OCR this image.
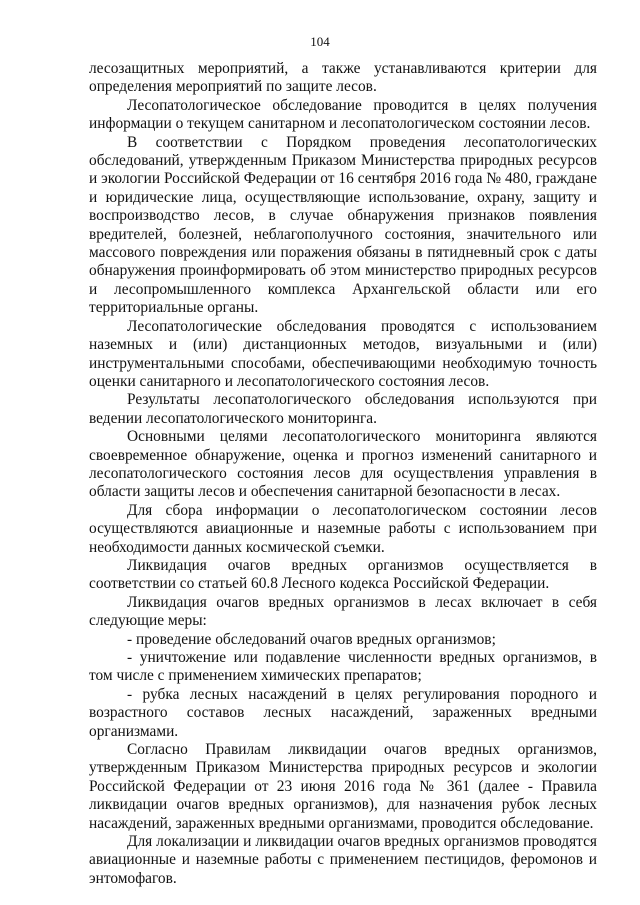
104

лесозащитных мероприятий, а также устанавливаются критерии для определения мероприятий по защите лесов.

Лесопатологическое обследование проводится в целях получения информации о текущем санитарном и лесопатологическом состоянии лесов.

В соответствии с Порядком проведения лесопатологических обследований, утвержденным Приказом Министерства природных ресурсов и экологии Российской Федерации от 16 сентября 2016 года № 480, граждане и юридические лица, осуществляющие использование, охрану, защиту и воспроизводство лесов, в случае обнаружения признаков появления вредителей, болезней, неблагополучного состояния, значительного или массового повреждения или поражения обязаны в пятидневный срок с даты обнаружения проинформировать об этом министерство природных ресурсов и лесопромышленного комплекса Архангельской области или его территориальные органы.

Лесопатологические обследования проводятся с использованием наземных и (или) дистанционных методов, визуальными и (или) инструментальными способами, обеспечивающими необходимую точность оценки санитарного и лесопатологического состояния лесов.

Результаты лесопатологического обследования используются при ведении лесопатологического мониторинга.

Основными целями лесопатологического мониторинга являются своевременное обнаружение, оценка и прогноз изменений санитарного и лесопатологического состояния лесов для осуществления управления в области защиты лесов и обеспечения санитарной безопасности в лесах.

Для сбора информации о лесопатологическом состоянии лесов осуществляются авиационные и наземные работы с использованием при необходимости данных космической съемки.

Ликвидация очагов вредных организмов осуществляется в соответствии со статьей 60.8 Лесного кодекса Российской Федерации.

Ликвидация очагов вредных организмов в лесах включает в себя следующие меры:

- проведение обследований очагов вредных организмов;

- уничтожение или подавление численности вредных организмов, в том числе с применением химических препаратов;

- рубка лесных насаждений в целях регулирования породного и возрастного составов лесных насаждений, зараженных вредными организмами.

Согласно Правилам ликвидации очагов вредных организмов, утвержденным Приказом Министерства природных ресурсов и экологии Российской Федерации от 23 июня 2016 года № 361 (далее - Правила ликвидации очагов вредных организмов), для назначения рубок лесных насаждений, зараженных вредными организмами, проводится обследование.

Для локализации и ликвидации очагов вредных организмов проводятся авиационные и наземные работы с применением пестицидов, феромонов и энтомофагов.
